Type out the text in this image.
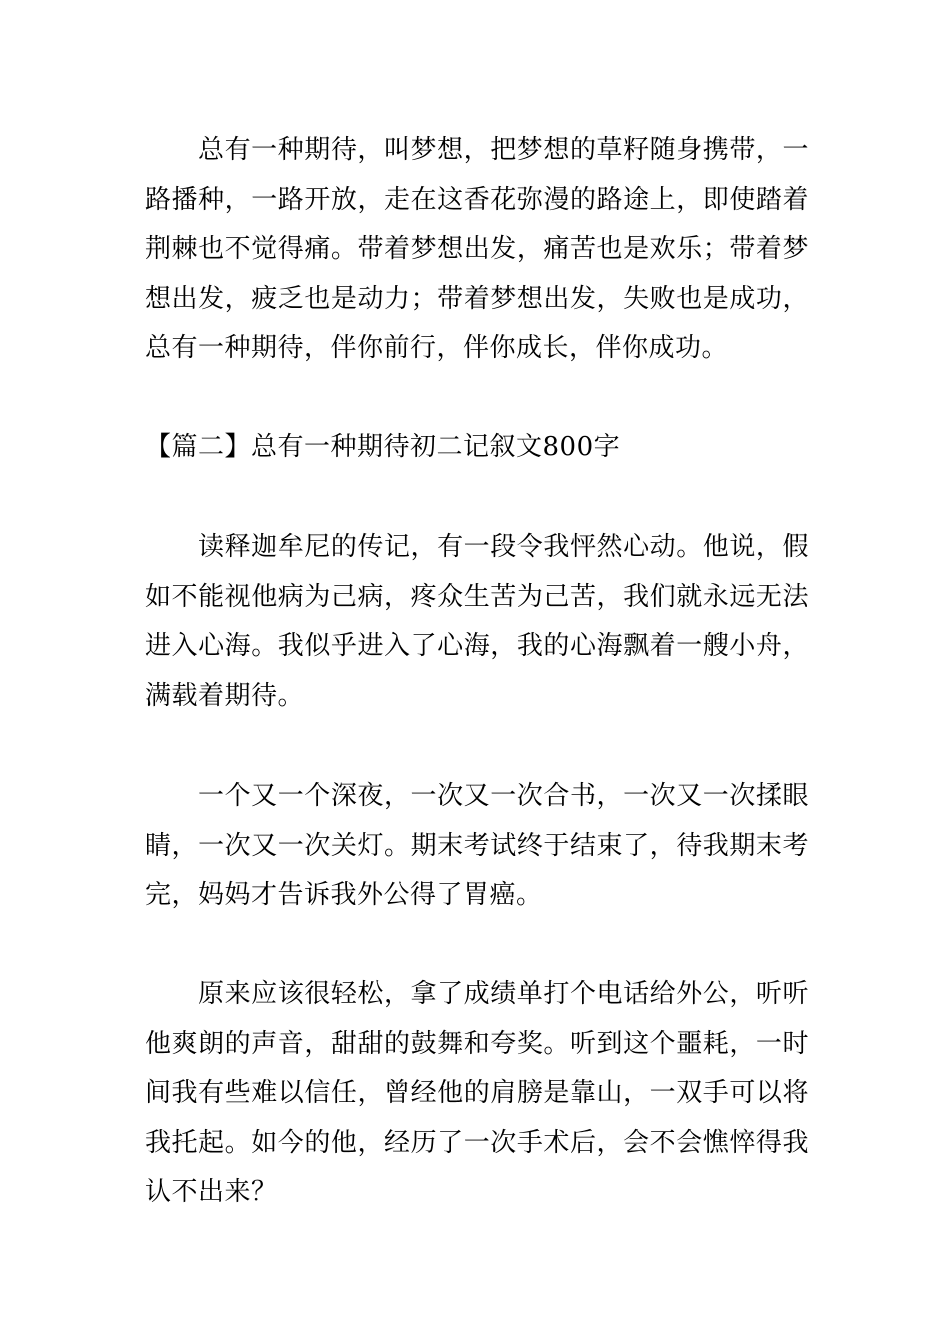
总有一种期待，叫梦想，把梦想的草籽随身携带，一路播种，一路开放，走在这香花弥漫的路途上，即使踏着荆棘也不觉得痛。带着梦想出发，痛苦也是欢乐；带着梦想出发，疲乏也是动力；带着梦想出发，失败也是成功，总有一种期待，伴你前行，伴你成长，伴你成功。

【篇二】总有一种期待初二记叙文800字

读释迦牟尼的传记，有一段令我怦然心动。他说，假如不能视他病为己病，疼众生苦为己苦，我们就永远无法进入心海。我似乎进入了心海，我的心海飘着一艘小舟，满载着期待。

一个又一个深夜，一次又一次合书，一次又一次揉眼睛，一次又一次关灯。期末考试终于结束了，待我期末考完，妈妈才告诉我外公得了胃癌。

原来应该很轻松，拿了成绩单打个电话给外公，听听他爽朗的声音，甜甜的鼓舞和夸奖。听到这个噩耗，一时间我有些难以信任，曾经他的肩膀是靠山，一双手可以将我托起。如今的他，经历了一次手术后，会不会憔悴得我认不出来？
